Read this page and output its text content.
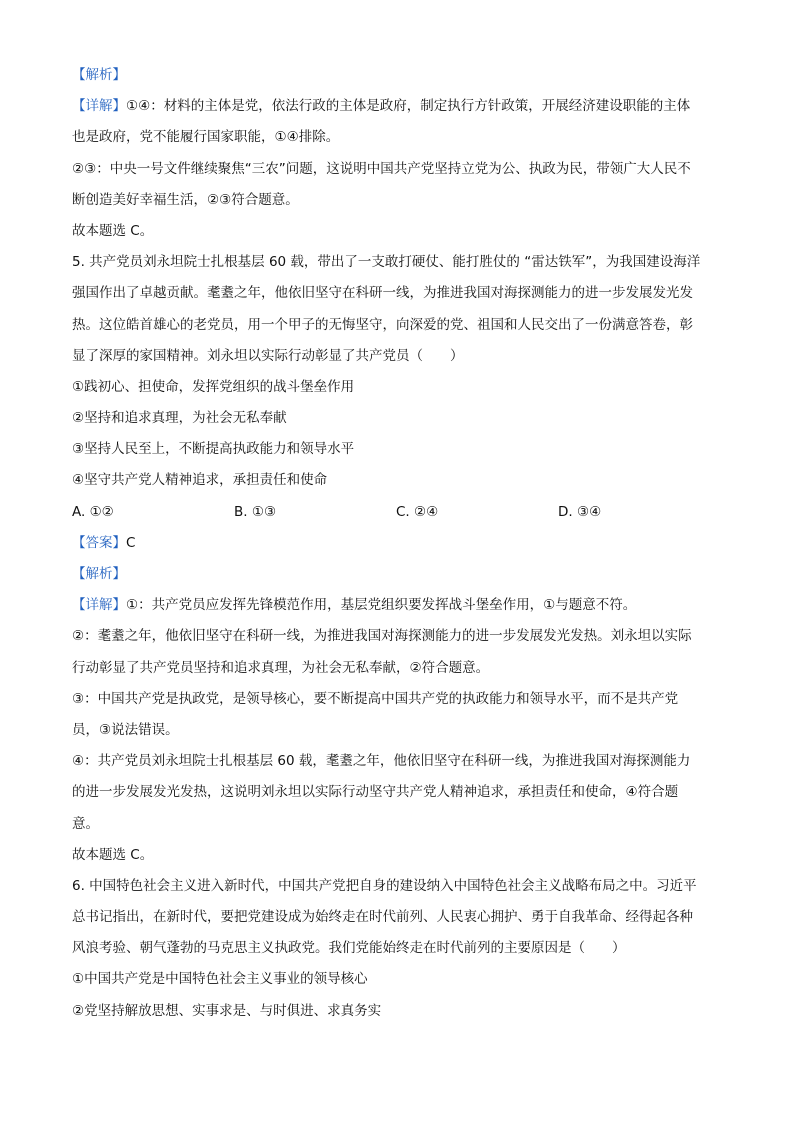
【解析】
【详解】①④：材料的主体是党，依法行政的主体是政府，制定执行方针政策，开展经济建设职能的主体
也是政府，党不能履行国家职能，①④排除。
②③：中央一号文件继续聚焦“三农”问题，这说明中国共产党坚持立党为公、执政为民，带领广大人民不
断创造美好幸福生活，②③符合题意。
故本题选 C。
5. 共产党员刘永坦院士扎根基层 60 载，带出了一支敢打硬仗、能打胜仗的 “雷达铁军”，为我国建设海洋
强国作出了卓越贡献。耄耋之年，他依旧坚守在科研一线，为推进我国对海探测能力的进一步发展发光发
热。这位皓首雄心的老党员，用一个甲子的无悔坚守，向深爱的党、祖国和人民交出了一份满意答卷，彰
显了深厚的家国精神。刘永坦以实际行动彰显了共产党员（　　）
①践初心、担使命，发挥党组织的战斗堡垒作用
②坚持和追求真理，为社会无私奉献
③坚持人民至上，不断提高执政能力和领导水平
④坚守共产党人精神追求，承担责任和使命
A. ①②	B. ①③	C. ②④	D. ③④
【答案】C
【解析】
【详解】①：共产党员应发挥先锋模范作用，基层党组织要发挥战斗堡垒作用，①与题意不符。
②：耄耋之年，他依旧坚守在科研一线，为推进我国对海探测能力的进一步发展发光发热。刘永坦以实际
行动彰显了共产党员坚持和追求真理，为社会无私奉献，②符合题意。
③：中国共产党是执政党，是领导核心，要不断提高中国共产党的执政能力和领导水平，而不是共产党
员，③说法错误。
④：共产党员刘永坦院士扎根基层 60 载，耄耋之年，他依旧坚守在科研一线，为推进我国对海探测能力
的进一步发展发光发热，这说明刘永坦以实际行动坚守共产党人精神追求，承担责任和使命，④符合题
意。
故本题选 C。
6. 中国特色社会主义进入新时代，中国共产党把自身的建设纳入中国特色社会主义战略布局之中。习近平
总书记指出，在新时代，要把党建设成为始终走在时代前列、人民衷心拥护、勇于自我革命、经得起各种
风浪考验、朝气蓬勃的马克思主义执政党。我们党能始终走在时代前列的主要原因是（　　）
①中国共产党是中国特色社会主义事业的领导核心
②党坚持解放思想、实事求是、与时俱进、求真务实
